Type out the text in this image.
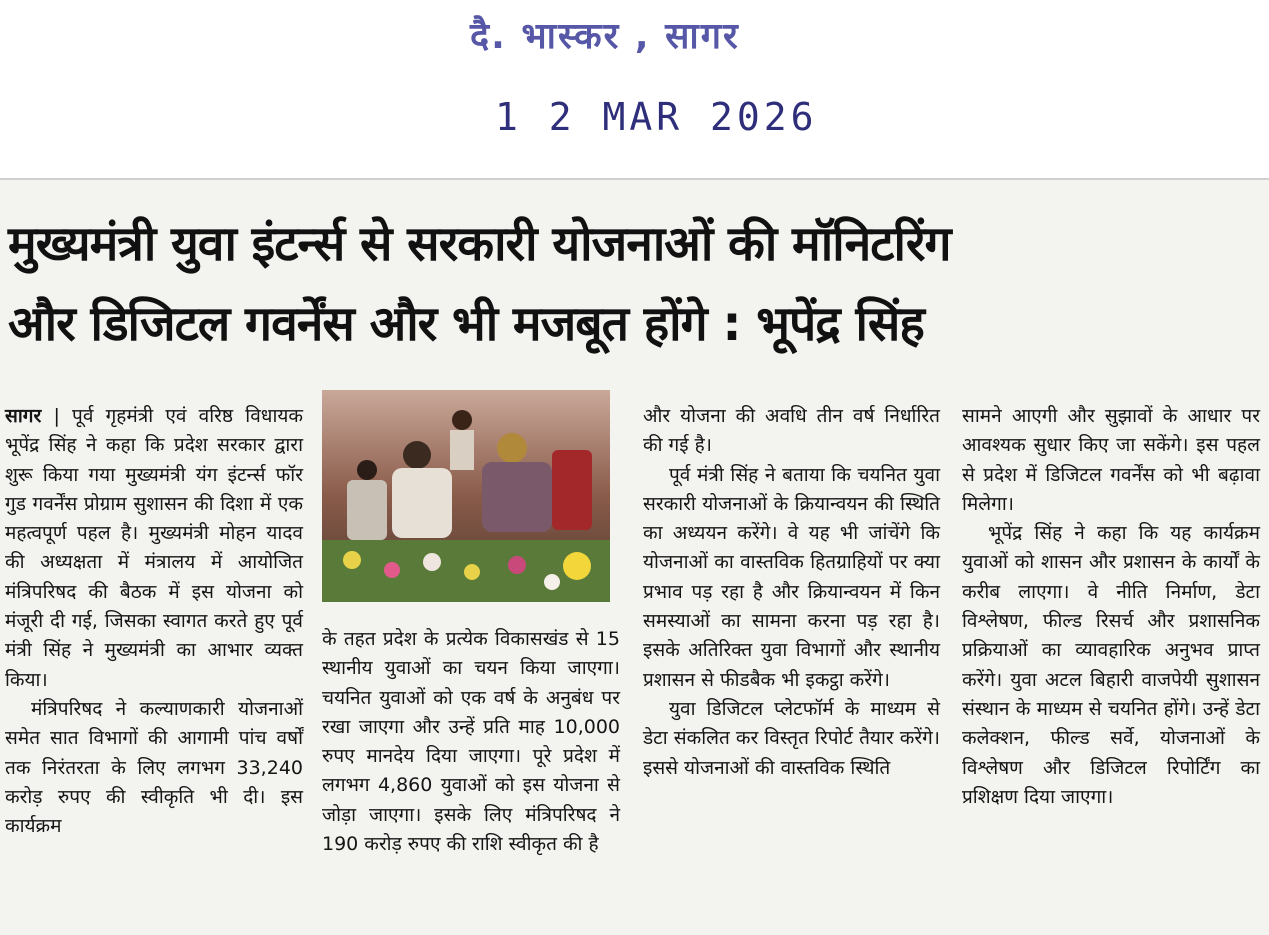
दै. भास्कर , सागर
1 2 MAR 2026
मुख्यमंत्री युवा इंटर्न्स से सरकारी योजनाओं की मॉनिटरिंग
और डिजिटल गवर्नेंस और भी मजबूत होंगे : भूपेंद्र सिंह

सागर | पूर्व गृहमंत्री एवं वरिष्ठ विधायक भूपेंद्र सिंह ने कहा कि प्रदेश सरकार द्वारा शुरू किया गया मुख्यमंत्री यंग इंटर्न्स फॉर गुड गवर्नेंस प्रोग्राम सुशासन की दिशा में एक महत्वपूर्ण पहल है। मुख्यमंत्री मोहन यादव की अध्यक्षता में मंत्रालय में आयोजित मंत्रिपरिषद की बैठक में इस योजना को मंजूरी दी गई, जिसका स्वागत करते हुए पूर्व मंत्री सिंह ने मुख्यमंत्री का आभार व्यक्त किया।

मंत्रिपरिषद ने कल्याणकारी योजनाओं समेत सात विभागों की आगामी पांच वर्षों तक निरंतरता के लिए लगभग 33,240 करोड़ रुपए की स्वीकृति भी दी। इस कार्यक्रम

के तहत प्रदेश के प्रत्येक विकासखंड से 15 स्थानीय युवाओं का चयन किया जाएगा। चयनित युवाओं को एक वर्ष के अनुबंध पर रखा जाएगा और उन्हें प्रति माह 10,000 रुपए मानदेय दिया जाएगा। पूरे प्रदेश में लगभग 4,860 युवाओं को इस योजना से जोड़ा जाएगा। इसके लिए मंत्रिपरिषद ने 190 करोड़ रुपए की राशि स्वीकृत की है

और योजना की अवधि तीन वर्ष निर्धारित की गई है।

पूर्व मंत्री सिंह ने बताया कि चयनित युवा सरकारी योजनाओं के क्रियान्वयन की स्थिति का अध्ययन करेंगे। वे यह भी जांचेंगे कि योजनाओं का वास्तविक हितग्राहियों पर क्या प्रभाव पड़ रहा है और क्रियान्वयन में किन समस्याओं का सामना करना पड़ रहा है। इसके अतिरिक्त युवा विभागों और स्थानीय प्रशासन से फीडबैक भी इकट्ठा करेंगे।

युवा डिजिटल प्लेटफॉर्म के माध्यम से डेटा संकलित कर विस्तृत रिपोर्ट तैयार करेंगे। इससे योजनाओं की वास्तविक स्थिति

सामने आएगी और सुझावों के आधार पर आवश्यक सुधार किए जा सकेंगे। इस पहल से प्रदेश में डिजिटल गवर्नेंस को भी बढ़ावा मिलेगा।

भूपेंद्र सिंह ने कहा कि यह कार्यक्रम युवाओं को शासन और प्रशासन के कार्यों के करीब लाएगा। वे नीति निर्माण, डेटा विश्लेषण, फील्ड रिसर्च और प्रशासनिक प्रक्रियाओं का व्यावहारिक अनुभव प्राप्त करेंगे। युवा अटल बिहारी वाजपेयी सुशासन संस्थान के माध्यम से चयनित होंगे। उन्हें डेटा कलेक्शन, फील्ड सर्वे, योजनाओं के विश्लेषण और डिजिटल रिपोर्टिंग का प्रशिक्षण दिया जाएगा।
